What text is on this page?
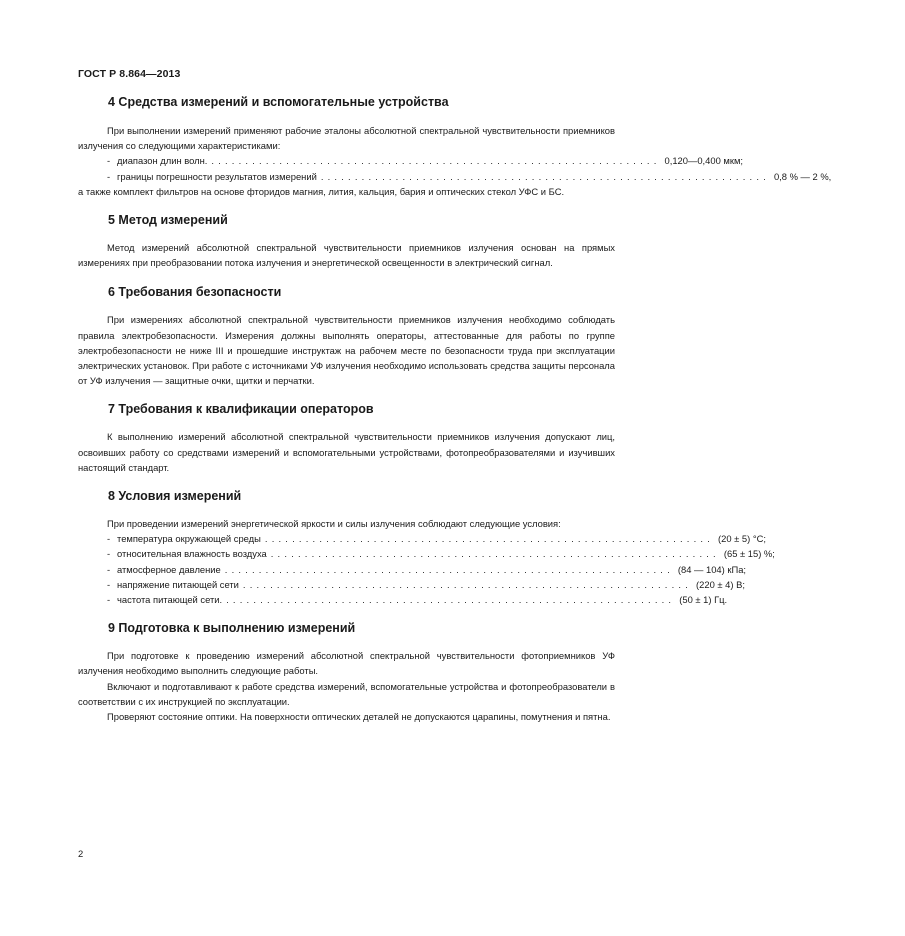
ГОСТ Р 8.864—2013
4 Средства измерений и вспомогательные устройства

При выполнении измерений применяют рабочие эталоны абсолютной спектральной чувствительности приемников излучения со следующими характеристиками:

- диапазон длин волн. .................................................................. 0,120—0,400 мкм;
- границы погрешности результатов измерений .................................................................. 0,8 % — 2 %,

а также комплект фильтров на основе фторидов магния, лития, кальция, бария и оптических стекол УФС и БС.

5 Метод измерений

Метод измерений абсолютной спектральной чувствительности приемников излучения основан на прямых измерениях при преобразовании потока излучения и энергетической освещенности в электрический сигнал.

6 Требования безопасности

При измерениях абсолютной спектральной чувствительности приемников излучения необходимо соблюдать правила электробезопасности. Измерения должны выполнять операторы, аттестованные для работы по группе электробезопасности не ниже III и прошедшие инструктаж на рабочем месте по безопасности труда при эксплуатации электрических установок. При работе с источниками УФ излучения необходимо использовать средства защиты персонала от УФ излучения — защитные очки, щитки и перчатки.

7 Требования к квалификации операторов

К выполнению измерений абсолютной спектральной чувствительности приемников излучения допускают лиц, освоивших работу со средствами измерений и вспомогательными устройствами, фотопреобразователями и изучивших настоящий стандарт.

8 Условия измерений

При проведении измерений энергетической яркости и силы излучения соблюдают следующие условия:

- температура окружающей среды .................................................................. (20 ± 5) °С;
- относительная влажность воздуха .................................................................. (65 ± 15) %;
- атмосферное давление .................................................................. (84 — 104) кПа;
- напряжение питающей сети .................................................................. (220 ± 4) В;
- частота питающей сети. .................................................................. (50 ± 1) Гц.
9 Подготовка к выполнению измерений

При подготовке к проведению измерений абсолютной спектральной чувствительности фотоприемников УФ излучения необходимо выполнить следующие работы.

Включают и подготавливают к работе средства измерений, вспомогательные устройства и фотопреобразователи в соответствии с их инструкцией по эксплуатации.

Проверяют состояние оптики. На поверхности оптических деталей не допускаются царапины, помутнения и пятна.

2
